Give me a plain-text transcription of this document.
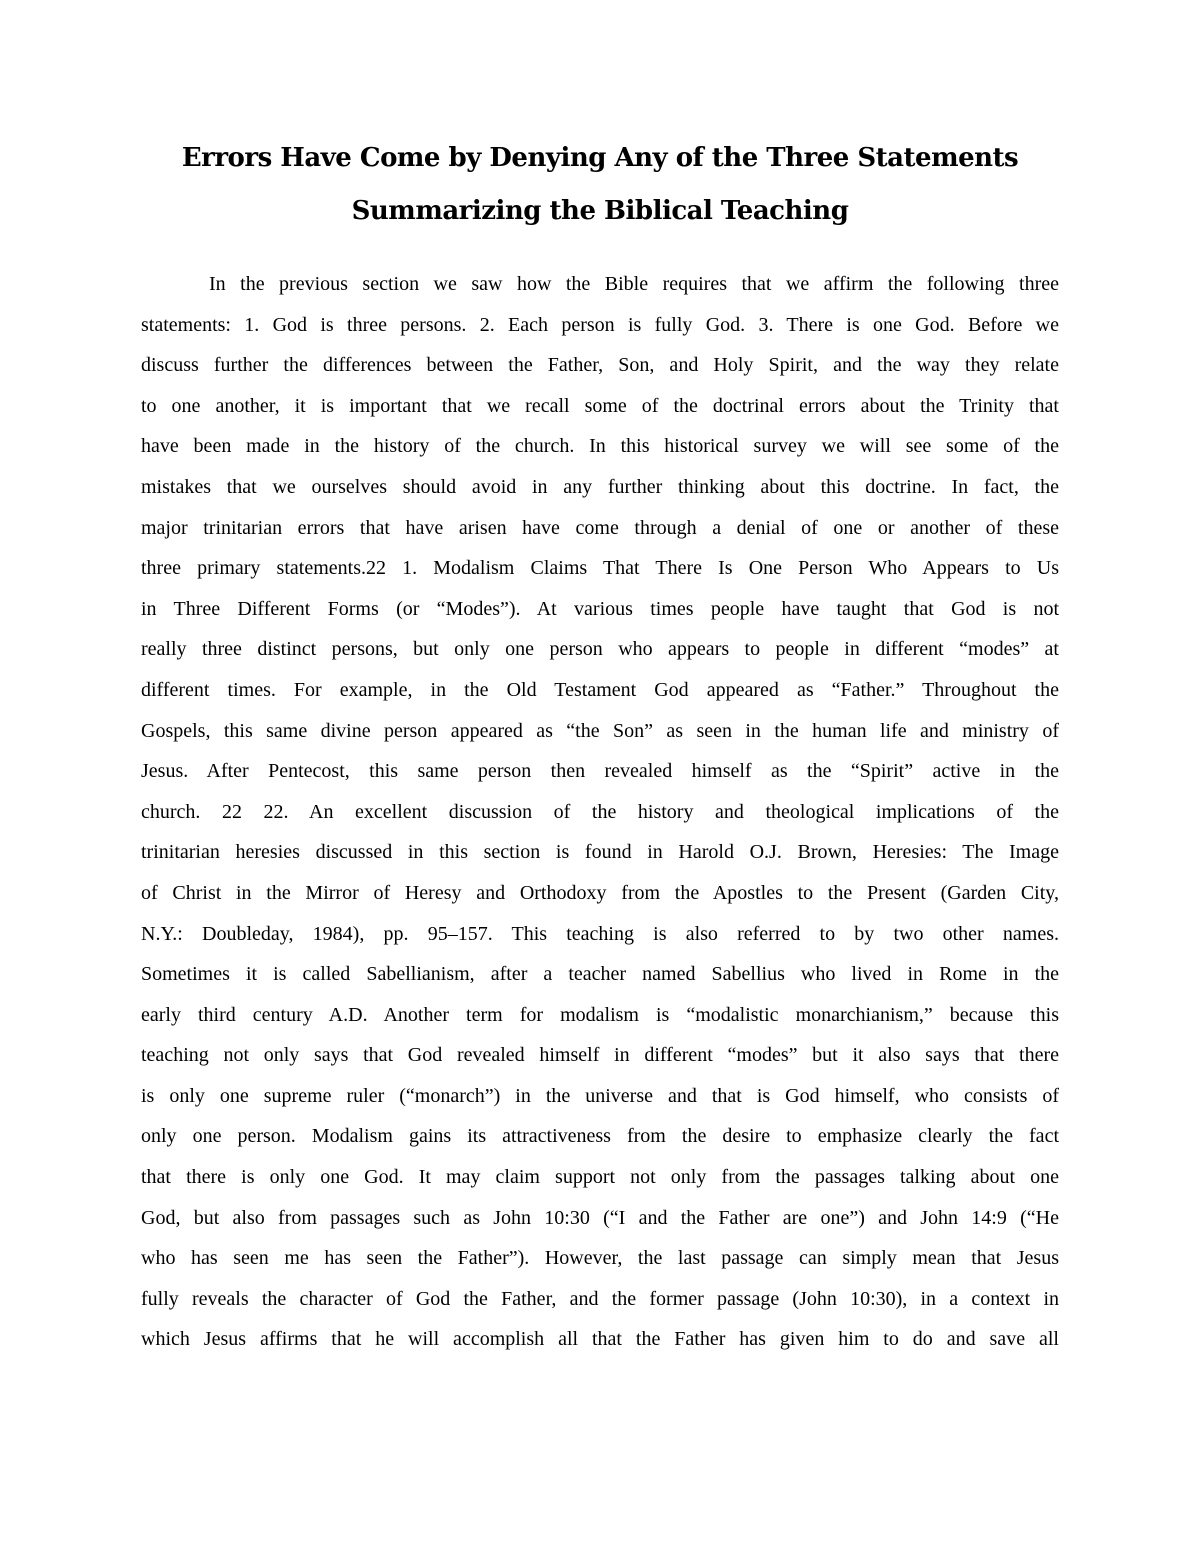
Errors Have Come by Denying Any of the Three Statements
Summarizing the Biblical Teaching
In the previous section we saw how the Bible requires that we affirm the following three
statements: 1. God is three persons. 2. Each person is fully God. 3. There is one God. Before we
discuss further the differences between the Father, Son, and Holy Spirit, and the way they relate
to one another, it is important that we recall some of the doctrinal errors about the Trinity that
have been made in the history of the church. In this historical survey we will see some of the
mistakes that we ourselves should avoid in any further thinking about this doctrine. In fact, the
major trinitarian errors that have arisen have come through a denial of one or another of these
three primary statements.22 1. Modalism Claims That There Is One Person Who Appears to Us
in Three Different Forms (or “Modes”). At various times people have taught that God is not
really three distinct persons, but only one person who appears to people in different “modes” at
different times. For example, in the Old Testament God appeared as “Father.” Throughout the
Gospels, this same divine person appeared as “the Son” as seen in the human life and ministry of
Jesus. After Pentecost, this same person then revealed himself as the “Spirit” active in the
church. 22 22. An excellent discussion of the history and theological implications of the
trinitarian heresies discussed in this section is found in Harold O.J. Brown, Heresies: The Image
of Christ in the Mirror of Heresy and Orthodoxy from the Apostles to the Present (Garden City,
N.Y.: Doubleday, 1984), pp. 95–157. This teaching is also referred to by two other names.
Sometimes it is called Sabellianism, after a teacher named Sabellius who lived in Rome in the
early third century A.D. Another term for modalism is “modalistic monarchianism,” because this
teaching not only says that God revealed himself in different “modes” but it also says that there
is only one supreme ruler (“monarch”) in the universe and that is God himself, who consists of
only one person. Modalism gains its attractiveness from the desire to emphasize clearly the fact
that there is only one God. It may claim support not only from the passages talking about one
God, but also from passages such as John 10:30 (“I and the Father are one”) and John 14:9 (“He
who has seen me has seen the Father”). However, the last passage can simply mean that Jesus
fully reveals the character of God the Father, and the former passage (John 10:30), in a context in
which Jesus affirms that he will accomplish all that the Father has given him to do and save all
